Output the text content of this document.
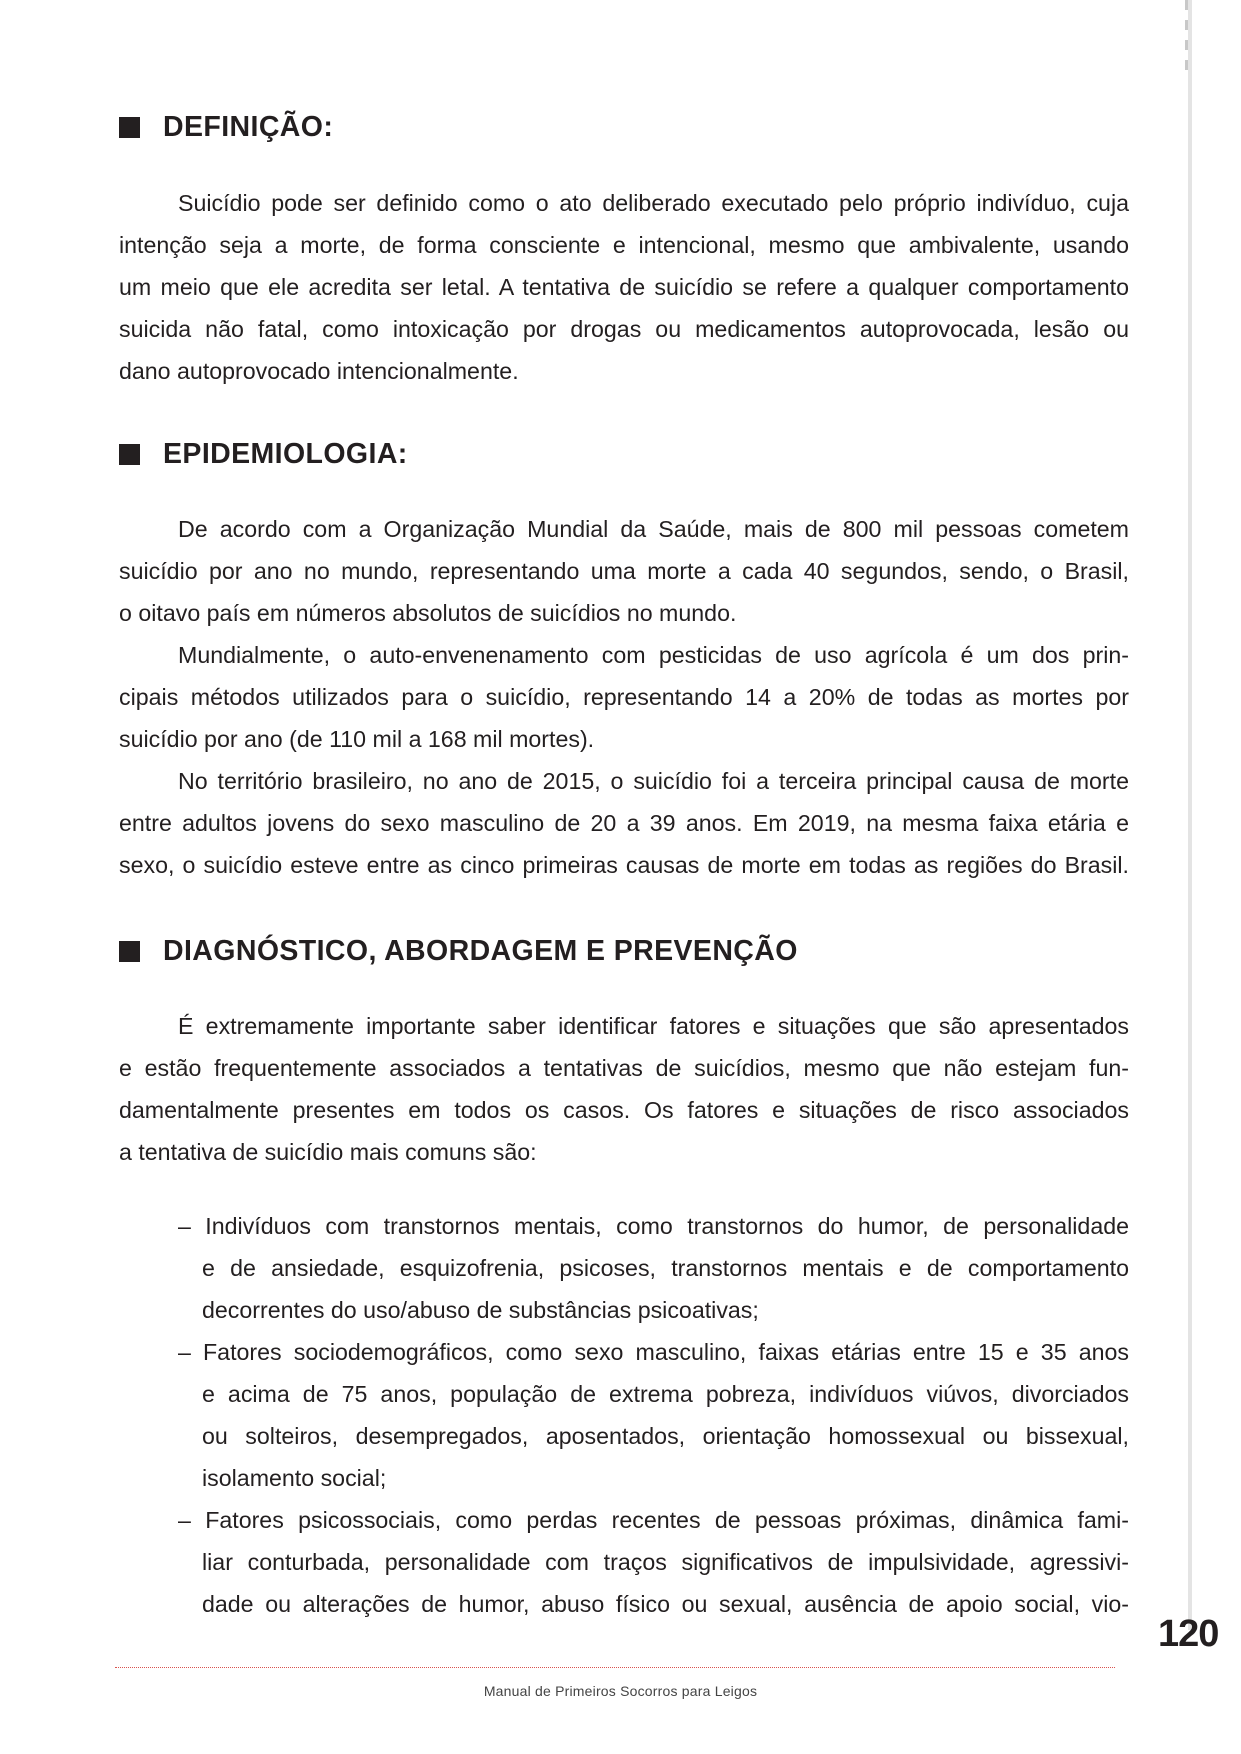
DEFINIÇÃO:
Suicídio pode ser definido como o ato deliberado executado pelo próprio indivíduo, cuja
intenção seja a morte, de forma consciente e intencional, mesmo que ambivalente, usando
um meio que ele acredita ser letal. A tentativa de suicídio se refere a qualquer comportamento
suicida não fatal, como intoxicação por drogas ou medicamentos autoprovocada, lesão ou
dano autoprovocado intencionalmente.
EPIDEMIOLOGIA:
De acordo com a Organização Mundial da Saúde, mais de 800 mil pessoas cometem
suicídio por ano no mundo, representando uma morte a cada 40 segundos, sendo, o Brasil,
o oitavo país em números absolutos de suicídios no mundo.
Mundialmente, o auto-envenenamento com pesticidas de uso agrícola é um dos prin-
cipais métodos utilizados para o suicídio, representando 14 a 20% de todas as mortes por
suicídio por ano (de 110 mil a 168 mil mortes).
No território brasileiro, no ano de 2015, o suicídio foi a terceira principal causa de morte
entre adultos jovens do sexo masculino de 20 a 39 anos. Em 2019, na mesma faixa etária e
sexo, o suicídio esteve entre as cinco primeiras causas de morte em todas as regiões do Brasil.
DIAGNÓSTICO, ABORDAGEM E PREVENÇÃO
É extremamente importante saber identificar fatores e situações que são apresentados
e estão frequentemente associados a tentativas de suicídios, mesmo que não estejam fun-
damentalmente presentes em todos os casos. Os fatores e situações de risco associados
a tentativa de suicídio mais comuns são:
– Indivíduos com transtornos mentais, como transtornos do humor, de personalidade
e de ansiedade, esquizofrenia, psicoses, transtornos mentais e de comportamento
decorrentes do uso/abuso de substâncias psicoativas;
– Fatores sociodemográficos, como sexo masculino, faixas etárias entre 15 e 35 anos
e acima de 75 anos, população de extrema pobreza, indivíduos viúvos, divorciados
ou solteiros, desempregados, aposentados, orientação homossexual ou bissexual,
isolamento social;
– Fatores psicossociais, como perdas recentes de pessoas próximas, dinâmica fami-
liar conturbada, personalidade com traços significativos de impulsividade, agressivi-
dade ou alterações de humor, abuso físico ou sexual, ausência de apoio social, vio-
120
Manual de Primeiros Socorros para Leigos
